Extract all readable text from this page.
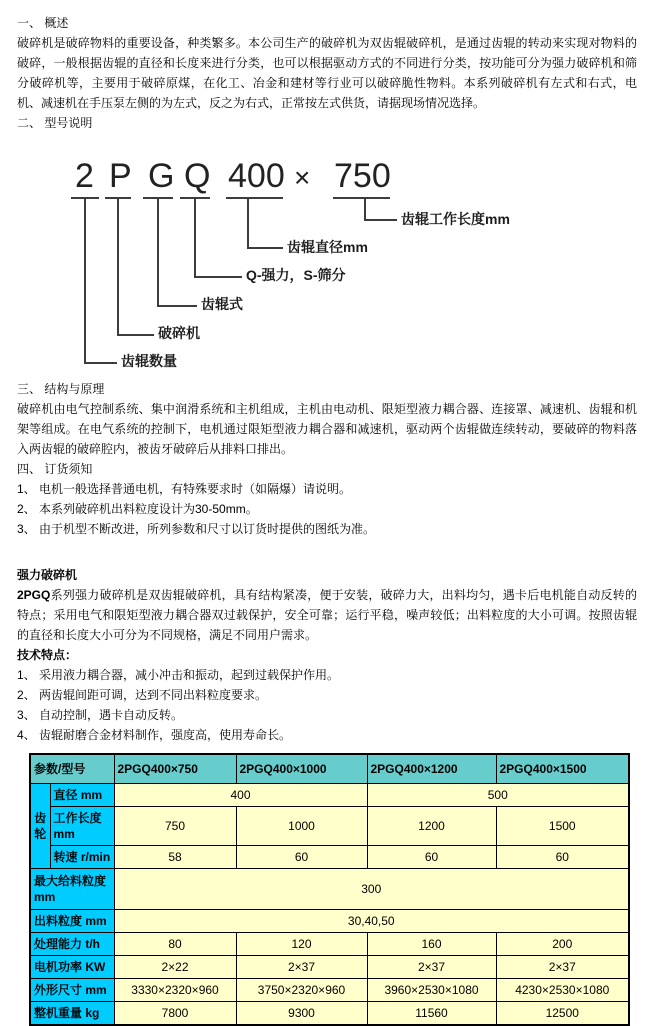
一、 概述

破碎机是破碎物料的重要设备，种类繁多。本公司生产的破碎机为双齿辊破碎机，是通过齿辊的转动来实现对物料的破碎，一般根据齿辊的直径和长度来进行分类，也可以根据驱动方式的不同进行分类，按功能可分为强力破碎机和筛分破碎机等，主要用于破碎原煤，在化工、冶金和建材等行业可以破碎脆性物料。本系列破碎机有左式和右式，电机、减速机在手压泵左侧的为左式，反之为右式，正常按左式供货，请据现场情况选择。

二、 型号说明
2 P G Q 400 × 750
齿辊工作长度mm
齿辊直径mm
Q-强力，S-筛分
齿辊式
破碎机
齿辊数量
三、 结构与原理

破碎机由电气控制系统、集中润滑系统和主机组成，主机由电动机、限矩型液力耦合器、连接罩、减速机、齿辊和机架等组成。在电气系统的控制下，电机通过限矩型液力耦合器和减速机，驱动两个齿辊做连续转动，要破碎的物料落入两齿辊的破碎腔内，被齿牙破碎后从排料口排出。

四、 订货须知
1、 电机一般选择普通电机，有特殊要求时（如隔爆）请说明。
2、 本系列破碎机出料粒度设计为30-50mm。
3、 由于机型不断改进，所列参数和尺寸以订货时提供的图纸为准。
强力破碎机

2PGQ系列强力破碎机是双齿辊破碎机，具有结构紧凑，便于安装，破碎力大，出料均匀，遇卡后电机能自动反转的特点；采用电气和限矩型液力耦合器双过载保护，安全可靠；运行平稳，噪声较低；出料粒度的大小可调。按照齿辊的直径和长度大小可分为不同规格，满足不同用户需求。

技术特点：
1、 采用液力耦合器，减小冲击和振动，起到过载保护作用。
2、 两齿辊间距可调，达到不同出料粒度要求。
3、 自动控制，遇卡自动反转。
4、 齿辊耐磨合金材料制作，强度高，使用寿命长。
参数/型号		2PGQ400×750	2PGQ400×1000	2PGQ400×1200	2PGQ400×1500
齿轮	直径 mm	400		500	
	工作长度 mm	750	1000	1200	1500
	转速 r/min	58	60	60	60
最大给料粒度 mm		300			
出料粒度 mm		30,40,50			
处理能力 t/h		80	120	160	200
电机功率 KW		2×22	2×37	2×37	2×37
外形尺寸 mm		3330×2320×960	3750×2320×960	3960×2530×1080	4230×2530×1080
整机重量 kg		7800	9300	11560	12500
